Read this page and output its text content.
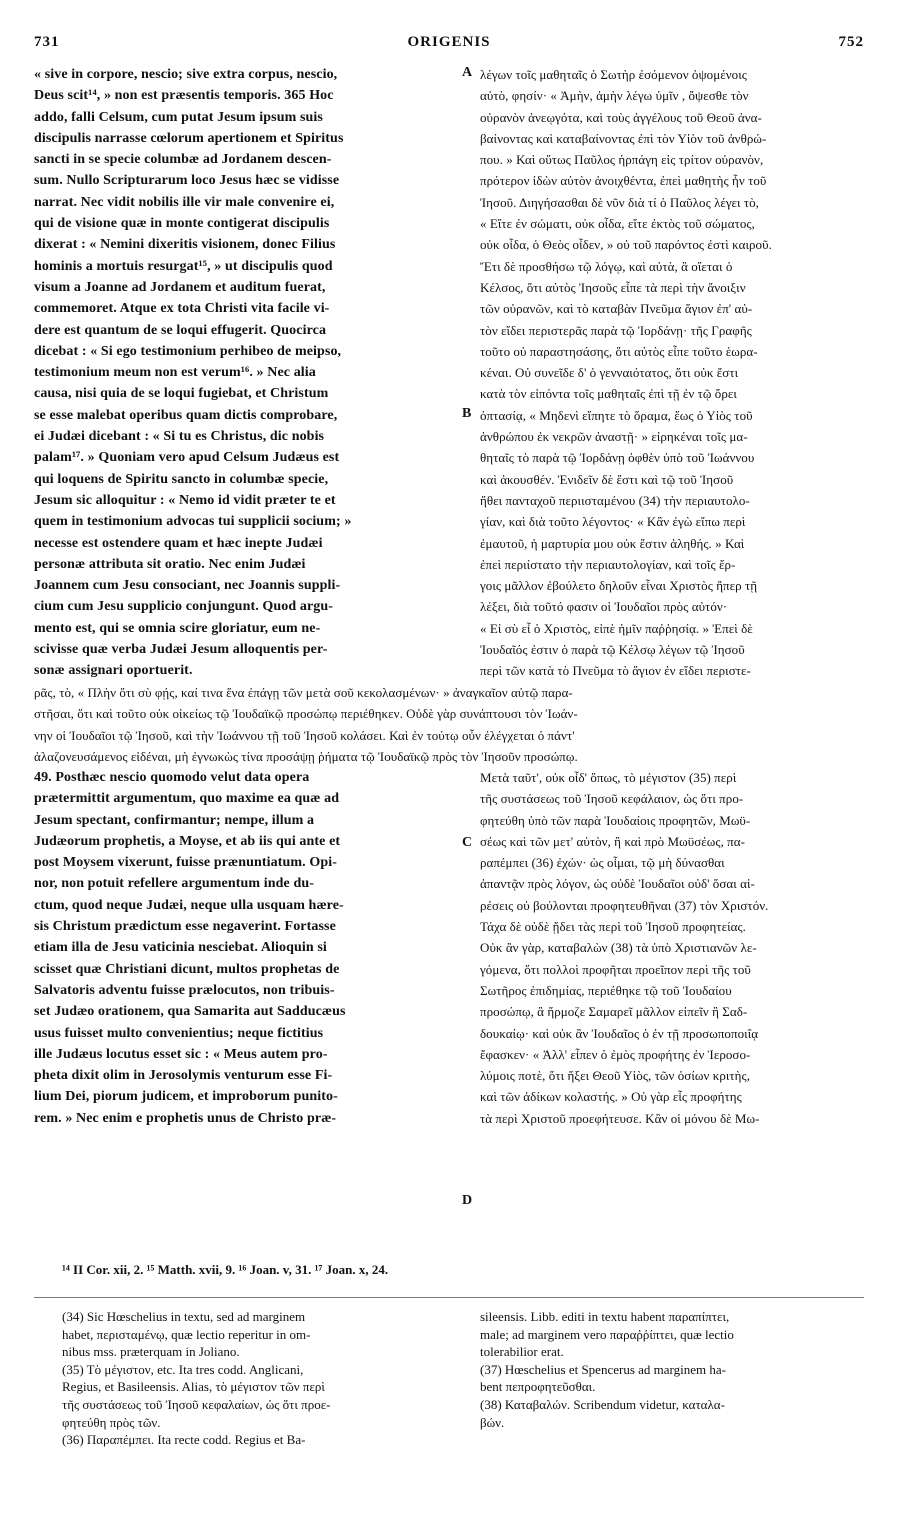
731	ORIGENIS	752
« sive in corpore, nescio; sive extra corpus, nescio,
Deus scit¹⁴, » non est præsentis temporis. 365 Hoc
addo, falli Celsum, cum putat Jesum ipsum suis
discipulis narrasse cœlorum apertionem et Spiritus
sancti in se specie columbæ ad Jordanem descen-
sum. Nullo Scripturarum loco Jesus hæc se vidisse
narrat. Nec vidit nobilis ille vir male convenire ei,
qui de visione quæ in monte contigerat discipulis
dixerat : « Nemini dixeritis visionem, donec Filius
hominis a mortuis resurgat¹⁵, » ut discipulis quod
visum a Joanne ad Jordanem et auditum fuerat,
commemoret. Atque ex tota Christi vita facile vi-
dere est quantum de se loqui effugerit. Quocirca
dicebat : « Si ego testimonium perhibeo de meipso,
testimonium meum non est verum¹⁶. » Nec alia
causa, nisi quia de se loqui fugiebat, et Christum
se esse malebat operibus quam dictis comprobare,
ei Judæi dicebant : « Si tu es Christus, dic nobis
palam¹⁷. » Quoniam vero apud Celsum Judæus est
qui loquens de Spiritu sancto in columbæ specie,
Jesum sic alloquitur : « Nemo id vidit præter te et
quem in testimonium advocas tui supplicii socium; »
necesse est ostendere quam et hæc inepte Judæi
personæ attributa sit oratio. Nec enim Judæi
Joannem cum Jesu consociant, nec Joannis suppli-
cium cum Jesu supplicio conjungunt. Quod argu-
mento est, qui se omnia scire gloriatur, eum ne-
scivisse quæ verba Judæi Jesum alloquentis per-
sonæ assignari oportuerit.
λέγων τοῖς μαθηταῖς ὁ Σωτὴρ ἐσόμενον ὀψομένοις
αὐτὸ, φησίν· « Ἀμὴν, ἀμὴν λέγω ὑμῖν , ὄψεσθε τὸν
οὐρανὸν ἀνεῳγότα, καὶ τοὺς ἀγγέλους τοῦ Θεοῦ ἀνα-
βαίνοντας καὶ καταβαίνοντας ἐπὶ τὸν Υἱὸν τοῦ ἀνθρώ-
που. » Καὶ οὕτως Παῦλος ἡρπάγη εἰς τρίτον οὐρανὸν,
πρότερον ἰδὼν αὐτὸν ἀνοιχθέντα, ἐπεὶ μαθητὴς ἦν τοῦ
Ἰησοῦ. Διηγήσασθαι δὲ νῦν διὰ τί ὁ Παῦλος λέγει τὸ,
« Εἴτε ἐν σώματι, οὐκ οἶδα, εἴτε ἐκτὸς τοῦ σώματος,
οὐκ οἶδα, ὁ Θεὸς οἶδεν, » οὐ τοῦ παρόντος ἐστὶ καιροῦ.
Ἔτι δὲ προσθήσω τῷ λόγῳ, καὶ αὐτὰ, ἃ οἴεται ὁ
Κέλσος, ὅτι αὐτὸς Ἰησοῦς εἶπε τὰ περὶ τὴν ἄνοιξιν
τῶν οὐρανῶν, καὶ τὸ καταβὰν Πνεῦμα ἅγιον ἐπ' αὐ-
τὸν εἴδει περιστερᾶς παρὰ τῷ Ἰορδάνῃ· τῆς Γραφῆς
τοῦτο οὐ παραστησάσης, ὅτι αὐτὸς εἶπε τοῦτο ἑωρα-
κέναι. Οὐ συνεῖδε δ' ὁ γενναιότατος, ὅτι οὐκ ἔστι
κατὰ τὸν εἰπόντα τοῖς μαθηταῖς ἐπὶ τῇ ἐν τῷ ὄρει
ὀπτασίᾳ, « Μηδενὶ εἴπητε τὸ ὅραμα, ἕως ὁ Υἱὸς τοῦ
ἀνθρώπου ἐκ νεκρῶν ἀναστῇ· » εἰρηκέναι τοῖς μα-
θηταῖς τὸ παρὰ τῷ Ἰορδάνῃ ὀφθὲν ὑπὸ τοῦ Ἰωάννου
καὶ ἀκουσθέν. Ἐνιδεῖν δὲ ἔστι καὶ τῷ τοῦ Ἰησοῦ
ἤθει πανταχοῦ περιισταμένου (34) τὴν περιαυτολο-
γίαν, καὶ διὰ τοῦτο λέγοντος· « Κἂν ἐγὼ εἴπω περὶ
ἐμαυτοῦ, ἡ μαρτυρία μου οὐκ ἔστιν ἀληθής. » Καὶ
ἐπεὶ περιίστατο τὴν περιαυτολογίαν, καὶ τοῖς ἔρ-
γοις μᾶλλον ἐβούλετο δηλοῦν εἶναι Χριστὸς ἤπερ τῇ
λέξει, διὰ τοῦτό φασιν οἱ Ἰουδαῖοι πρὸς αὐτόν·
« Εἰ σὺ εἶ ὁ Χριστὸς, εἰπὲ ἡμῖν παῤῥησίᾳ. » Ἐπεὶ δὲ
Ἰουδαῖός ἐστιν ὁ παρὰ τῷ Κέλσῳ λέγων τῷ Ἰησοῦ
περὶ τῶν κατὰ τὸ Πνεῦμα τὸ ἅγιον ἐν εἴδει περιστε-
A
B
C
D
ρᾶς, τὸ, « Πλὴν ὅτι σὺ φῄς, καί τινα ἕνα ἐπάγῃ τῶν μετὰ σοῦ κεκολασμένων· » ἀναγκαῖον αὐτῷ παρα-
στῆσαι, ὅτι καὶ τοῦτο οὐκ οἰκείως τῷ Ἰουδαϊκῷ προσώπῳ περιέθηκεν. Οὐδὲ γὰρ συνάπτουσι τὸν Ἰωάν-
νην οἱ Ἰουδαῖοι τῷ Ἰησοῦ, καὶ τὴν Ἰωάννου τῇ τοῦ Ἰησοῦ κολάσει. Καὶ ἐν τούτῳ οὖν ἐλέγχεται ὁ πάντ'
ἀλαζονευσάμενος εἰδέναι, μὴ ἐγνωκὼς τίνα προσάψῃ ῥήματα τῷ Ἰουδαϊκῷ πρὸς τὸν Ἰησοῦν προσώπῳ.
49. Posthæc nescio quomodo velut data opera
prætermittit argumentum, quo maxime ea quæ ad
Jesum spectant, confirmantur; nempe, illum a
Judæorum prophetis, a Moyse, et ab iis qui ante et
post Moysem vixerunt, fuisse prænuntiatum. Opi-
nor, non potuit refellere argumentum inde du-
ctum, quod neque Judæi, neque ulla usquam hære-
sis Christum prædictum esse negaverint. Fortasse
etiam illa de Jesu vaticinia nesciebat. Alioquin si
scisset quæ Christiani dicunt, multos prophetas de
Salvatoris adventu fuisse prælocutos, non tribuis-
set Judæo orationem, qua Samarita aut Sadducæus
usus fuisset multo convenientius; neque fictitius
ille Judæus locutus esset sic : « Meus autem pro-
pheta dixit olim in Jerosolymis venturum esse Fi-
lium Dei, piorum judicem, et improborum punito-
rem. » Nec enim e prophetis unus de Christo præ-
Μετὰ ταῦτ', οὐκ οἶδ' ὅπως, τὸ μέγιστον (35) περὶ
τῆς συστάσεως τοῦ Ἰησοῦ κεφάλαιον, ὡς ὅτι προ-
φητεύθη ὑπὸ τῶν παρὰ Ἰουδαίοις προφητῶν, Μωϋ-
σέως καὶ τῶν μετ' αὐτὸν, ἢ καὶ πρὸ Μωϋσέως, πα-
ραπέμπει (36) ἐχών· ὡς οἶμαι, τῷ μὴ δύνασθαι
ἀπαντᾷν πρὸς λόγον, ὡς οὐδὲ Ἰουδαῖοι οὐδ' ὅσαι αἱ-
ρέσεις οὐ βούλονται προφητευθῆναι (37) τὸν Χριστόν.
Τάχα δὲ οὐδὲ ᾔδει τὰς περὶ τοῦ Ἰησοῦ προφητείας.
Οὐκ ἂν γὰρ, καταβαλὼν (38) τὰ ὑπὸ Χριστιανῶν λε-
γόμενα, ὅτι πολλοὶ προφῆται προεῖπον περὶ τῆς τοῦ
Σωτῆρος ἐπιδημίας, περιέθηκε τῷ τοῦ Ἰουδαίου
προσώπῳ, ἃ ἥρμοζε Σαμαρεῖ μᾶλλον εἰπεῖν ἢ Σαδ-
δουκαίῳ· καὶ οὐκ ἂν Ἰουδαῖος ὁ ἐν τῇ προσωποποιΐᾳ
ἔφασκεν· « Ἀλλ' εἶπεν ὁ ἐμὸς προφήτης ἐν Ἱεροσο-
λύμοις ποτὲ, ὅτι ἥξει Θεοῦ Υἱὸς, τῶν ὁσίων κριτὴς,
καὶ τῶν ἀδίκων κολαστής. » Οὐ γὰρ εἷς προφήτης
τὰ περὶ Χριστοῦ προεφήτευσε. Κἂν οἱ μόνου δὲ Μω-
¹⁴ II Cor. xii, 2. ¹⁵ Matth. xvii, 9. ¹⁶ Joan. v, 31. ¹⁷ Joan. x, 24.
(34) Sic Hœschelius in textu, sed ad marginem
habet, περισταμένῳ, quæ lectio reperitur in om-
nibus mss. præterquam in Joliano.
(35) Τὸ μέγιστον, etc. Ita tres codd. Anglicani,
Regius, et Basileensis. Alias, τὸ μέγιστον τῶν περὶ
τῆς συστάσεως τοῦ Ἰησοῦ κεφαλαίων, ὡς ὅτι προε-
φητεύθη πρὸς τῶν.
(36) Παραπέμπει. Ita recte codd. Regius et Ba-
sileensis. Libb. editi in textu habent παραπίπτει,
male; ad marginem vero παραῤῥίπτει, quæ lectio
tolerabilior erat.
(37) Hœschelius et Spencerus ad marginem ha-
bent πεπροφητεῦσθαι.
(38) Καταβαλών. Scribendum videtur, καταλα-
βών.
